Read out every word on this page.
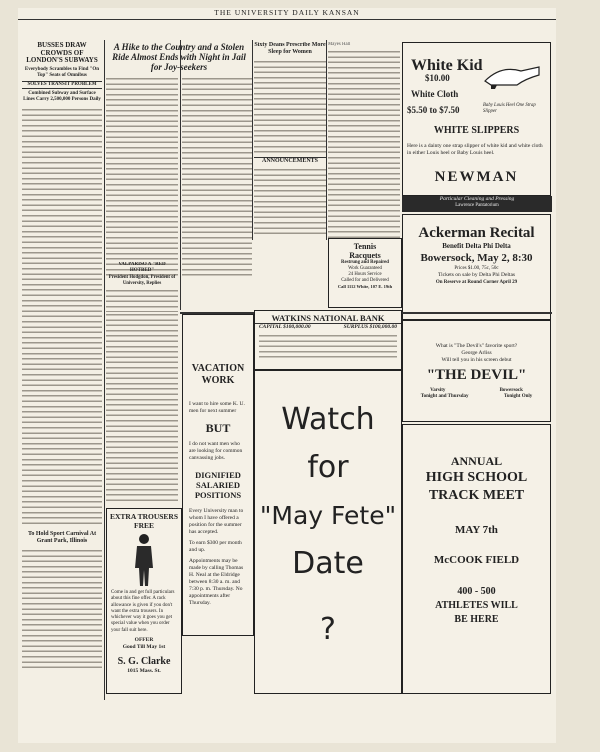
THE UNIVERSITY DAILY KANSAN
BUSSES DRAW CROWDS OF LONDON'S SUBWAYS
Everybody Scrambles to Find "On Top" Seats of Omnibus
SOLVES TRANSIT PROBLEM
Combined Subway and Surface Lines Carry 2,500,000 Persons Daily
To Hold Sport Carnival At Grant Park, Illinois
A Hike to the Country and a Stolen Ride Almost Ends with Night in Jail for Joy-seekers
VALPARISO A "RED HOTBED"
President Hodgdon, President of University, Replies
Sixty Deans Prescribe More Sleep for Women
ANNOUNCEMENTS
Mayes Hall
Tennis
Racquets
Restrung and Repaired
Work Guaranteed
24 Hours Service
Called for and Delivered
Call 1112 White, 107 E. 19th
White Kid
$10.00
White Cloth
$5.50 to $7.50	Baby Louis Heel One Strap Slipper
WHITE SLIPPERS
Here is a dainty one strap slipper of white kid and white cloth in either Louis heel or Baby Louis heel.
NEWMAN
Particular Cleaning and Pressing
Lawrence Pantatorium
Ackerman Recital
Benefit Delta Phi Delta
Bowersock, May 2, 8:30
Prices $1.00, 75c, 50c
Tickets on sale by Delta Phi Deltas
On Reserve at Round Corner April 29
WATKINS NATIONAL BANK
CAPITAL $100,000.00	SURPLUS $100,000.00
VACATION
WORK
I want to hire some K. U. men for next summer
BUT
I do not want men who are looking for common canvassing jobs.
DIGNIFIED
SALARIED
POSITIONS
Every University man to whom I have offered a position for the summer has accepted.
To earn $300 per month and up.
Appointments may be made by calling Thomas H. Neal at the Eldridge between 8:30 a. m. and 7:30 p. m. Thursday. No appointments after Thursday.
EXTRA TROUSERS FREE
Come in and get full particulars about this fine offer. A rack allowance is given if you don't want the extra trousers. In whichever way it goes you get special value when you order your fall suit here.
OFFER
Good Till May 1st
S. G. Clarke
1015 Mass. St.
Watch
for
"May Fete"
Date
?
What is "The Devil's" favorite sport?
George Arliss
Will tell you in his screen debut
"THE DEVIL"
Varsity	Bowersock
Tonight and Thursday	Tonight Only
ANNUAL
HIGH SCHOOL
TRACK MEET
MAY 7th
McCOOK FIELD
400 - 500
ATHLETES WILL
BE HERE
